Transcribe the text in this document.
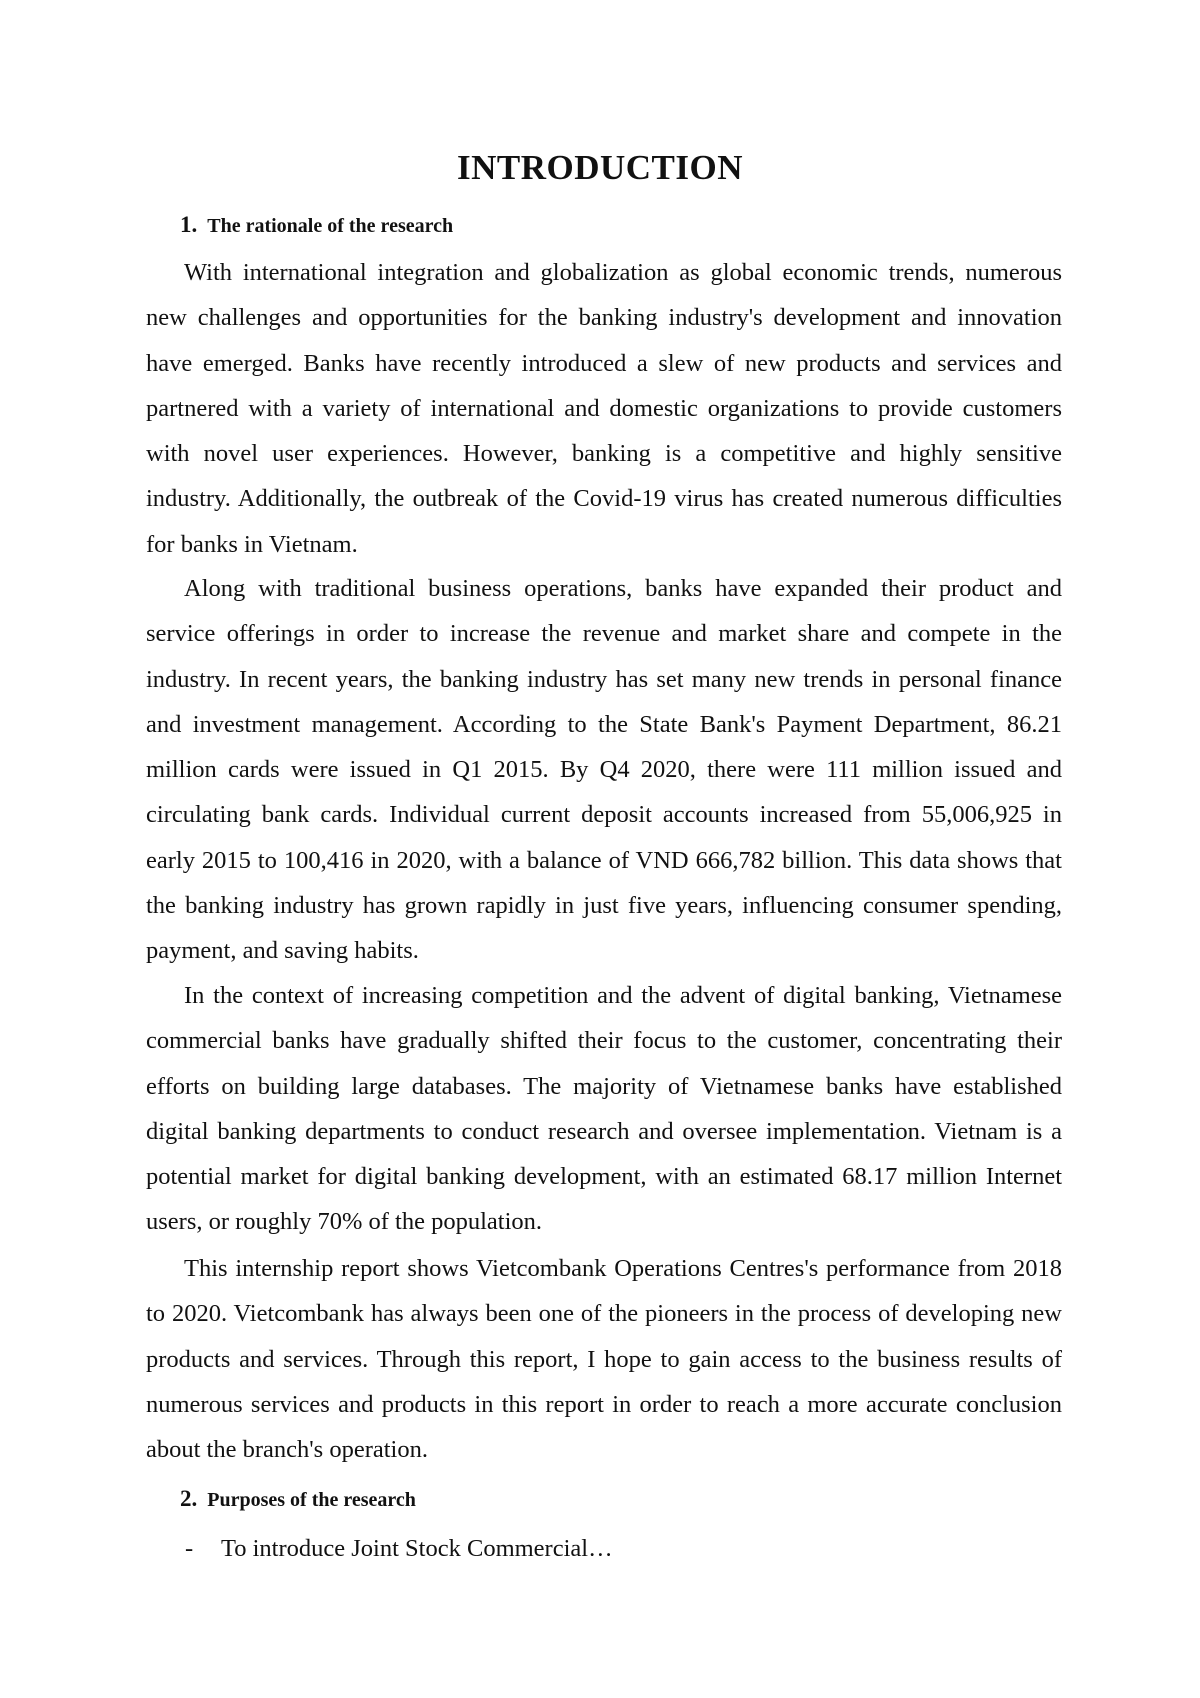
INTRODUCTION
1. The rationale of the research

With international integration and globalization as global economic trends, numerous new challenges and opportunities for the banking industry's development and innovation have emerged. Banks have recently introduced a slew of new products and services and partnered with a variety of international and domestic organizations to provide customers with novel user experiences. However, banking is a competitive and highly sensitive industry. Additionally, the outbreak of the Covid-19 virus has created numerous difficulties for banks in Vietnam.

Along with traditional business operations, banks have expanded their product and service offerings in order to increase the revenue and market share and compete in the industry. In recent years, the banking industry has set many new trends in personal finance and investment management. According to the State Bank's Payment Department, 86.21 million cards were issued in Q1 2015. By Q4 2020, there were 111 million issued and circulating bank cards. Individual current deposit accounts increased from 55,006,925 in early 2015 to 100,416 in 2020, with a balance of VND 666,782 billion. This data shows that the banking industry has grown rapidly in just five years, influencing consumer spending, payment, and saving habits.

In the context of increasing competition and the advent of digital banking, Vietnamese commercial banks have gradually shifted their focus to the customer, concentrating their efforts on building large databases. The majority of Vietnamese banks have established digital banking departments to conduct research and oversee implementation. Vietnam is a potential market for digital banking development, with an estimated 68.17 million Internet users, or roughly 70% of the population.

This internship report shows Vietcombank Operations Centres's performance from 2018 to 2020. Vietcombank has always been one of the pioneers in the process of developing new products and services. Through this report, I hope to gain access to the business results of numerous services and products in this report in order to reach a more accurate conclusion about the branch's operation.

2. Purposes of the research
- To introduce Joint Stock Commercial…
